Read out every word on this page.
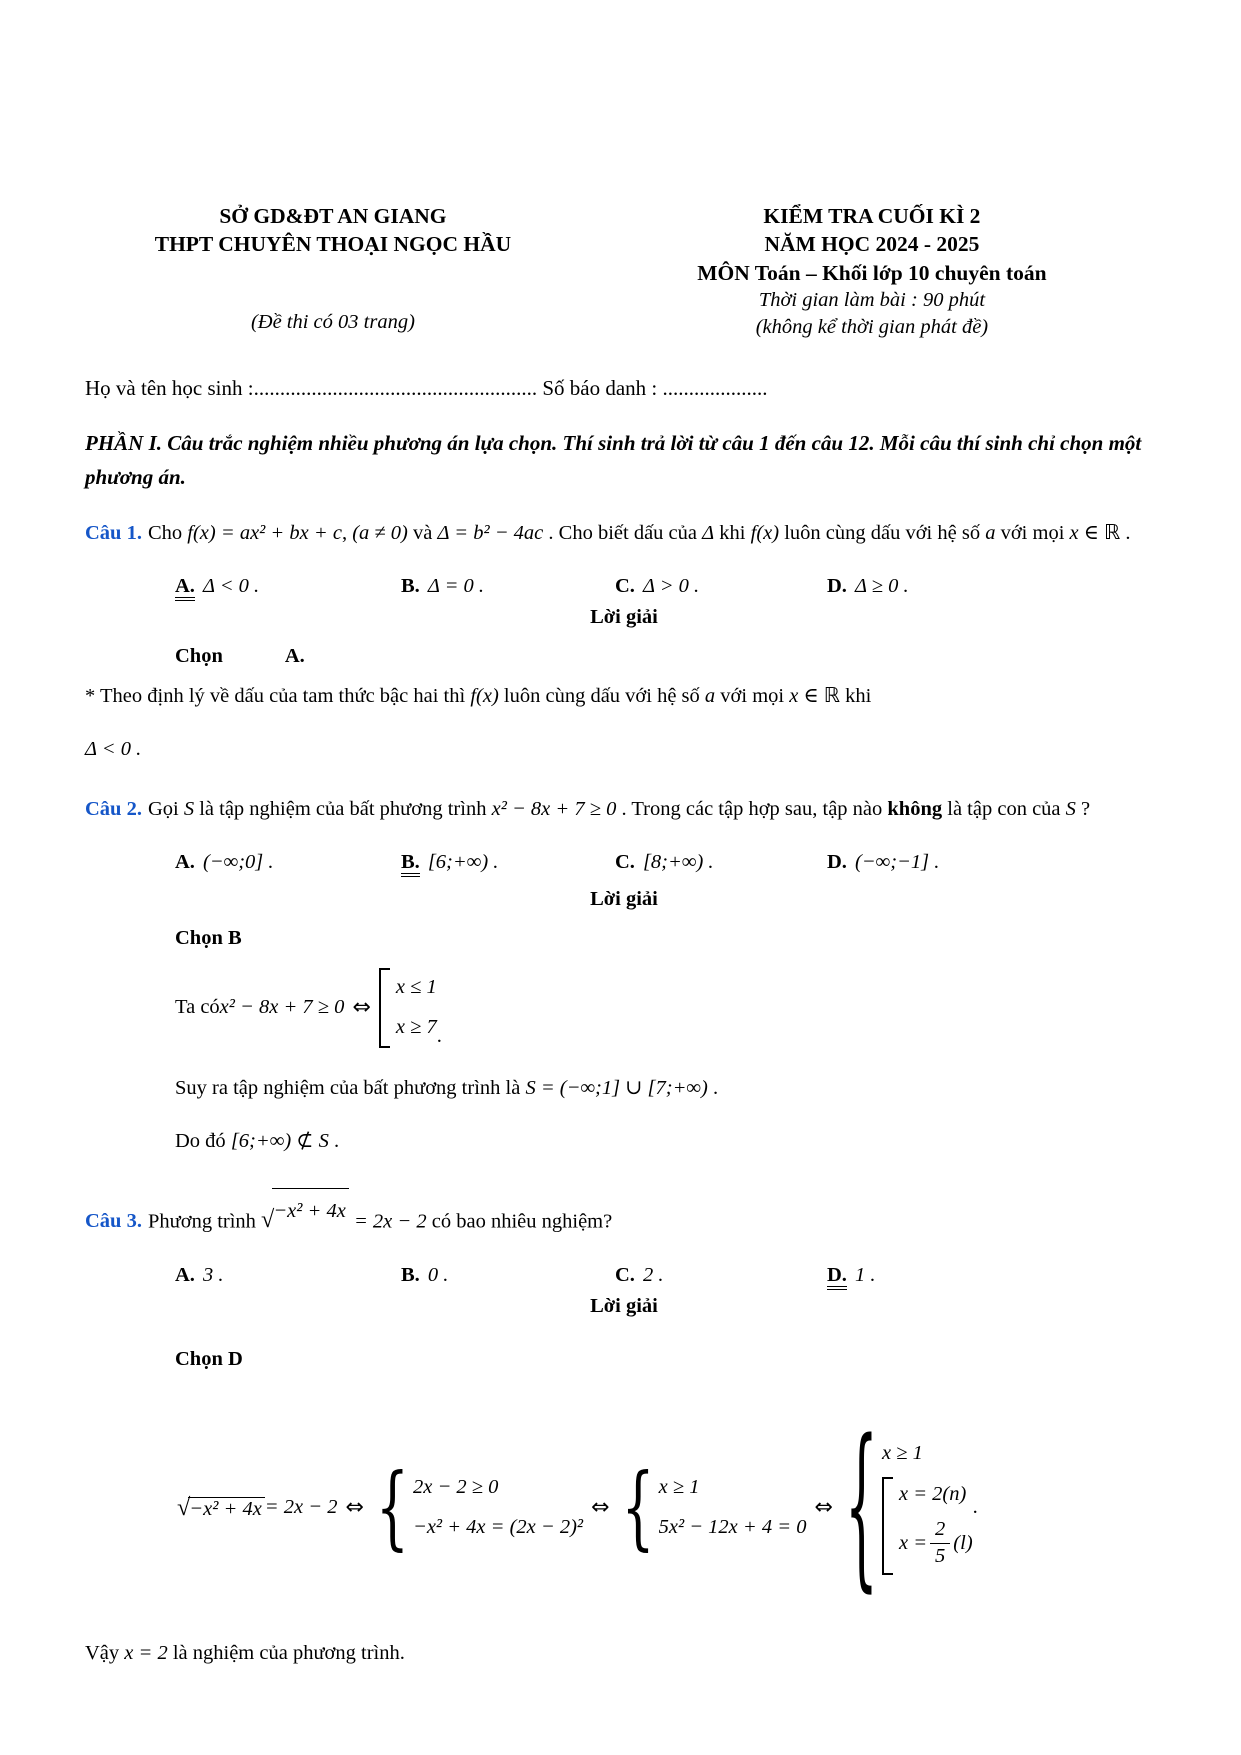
SỞ GD&ĐT AN GIANG
THPT CHUYÊN THOẠI NGỌC HẦU
(Đề thi có 03 trang)
KIỂM TRA CUỐI KÌ 2
NĂM HỌC 2024 - 2025
MÔN Toán – Khối lớp 10 chuyên toán
Thời gian làm bài : 90 phút
(không kể thời gian phát đề)
Họ và tên học sinh :...................................................... Số báo danh : ....................
PHẦN I. Câu trắc nghiệm nhiều phương án lựa chọn. Thí sinh trả lời từ câu 1 đến câu 12. Mỗi câu thí sinh chỉ chọn một phương án.

Câu 1. Cho f(x) = ax² + bx + c, (a ≠ 0) và Δ = b² − 4ac . Cho biết dấu của Δ khi f(x) luôn cùng dấu với hệ số a với mọi x ∈ ℝ .

A. Δ < 0 .	B. Δ = 0 .	C. Δ > 0 .	D. Δ ≥ 0 .
Lời giải
Chọn	A.

* Theo định lý về dấu của tam thức bậc hai thì f(x) luôn cùng dấu với hệ số a với mọi x ∈ ℝ khi

Δ < 0 .

Câu 2. Gọi S là tập nghiệm của bất phương trình x² − 8x + 7 ≥ 0 . Trong các tập hợp sau, tập nào không là tập con của S ?

A. (−∞;0] .	B. [6;+∞) .	C. [8;+∞) .	D. (−∞;−1] .
Lời giải
Chọn B
Ta có x² − 8x + 7 ≥ 0 ⇔
x ≤ 1
x ≥ 7 .

Suy ra tập nghiệm của bất phương trình là S = (−∞;1] ∪ [7;+∞) .

Do đó [6;+∞) ⊄ S .

Câu 3. Phương trình √ −x² + 4x = 2x − 2 có bao nhiêu nghiệm?

A. 3 .	B. 0 .	C. 2 .	D. 1 .
Lời giải
Chọn D
√ −x² + 4x = 2x − 2 ⇔ { 2x − 2 ≥ 0
−x² + 4x = (2x − 2)²
⇔ { x ≥ 1
5x² − 12x + 4 = 0
⇔ { x ≥ 1
x = 2(n)
$x = \frac{2}{5} (l)$
.

Vậy x = 2 là nghiệm của phương trình.
